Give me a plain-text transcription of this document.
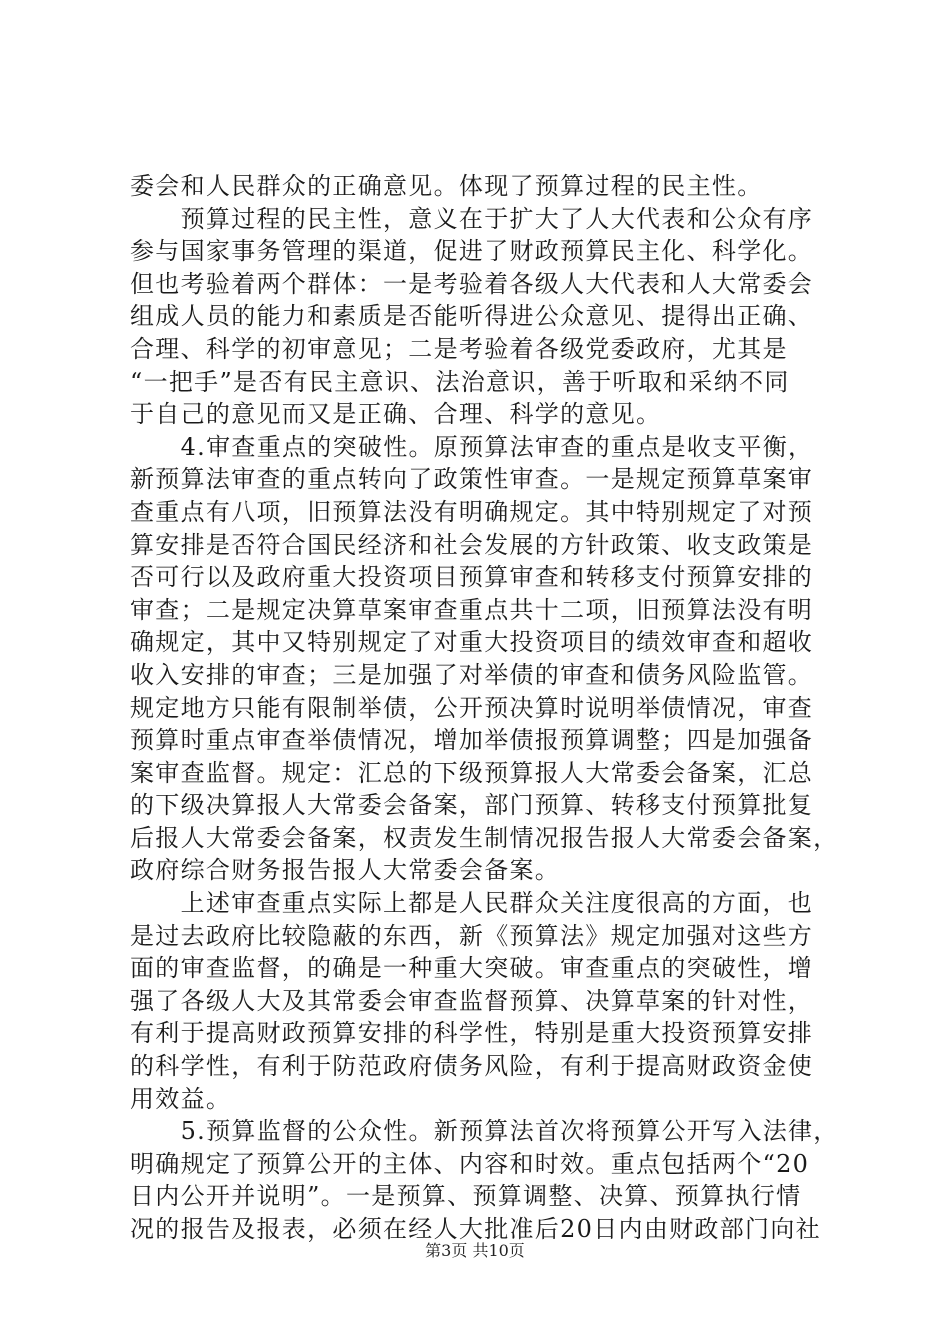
委会和人民群众的正确意见。体现了预算过程的民主性。
　　预算过程的民主性，意义在于扩大了人大代表和公众有序
参与国家事务管理的渠道，促进了财政预算民主化、科学化。
但也考验着两个群体：一是考验着各级人大代表和人大常委会
组成人员的能力和素质是否能听得进公众意见、提得出正确、
合理、科学的初审意见；二是考验着各级党委政府，尤其是
“一把手”是否有民主意识、法治意识，善于听取和采纳不同
于自己的意见而又是正确、合理、科学的意见。
　　4.审查重点的突破性。原预算法审查的重点是收支平衡，
新预算法审查的重点转向了政策性审查。一是规定预算草案审
查重点有八项，旧预算法没有明确规定。其中特别规定了对预
算安排是否符合国民经济和社会发展的方针政策、收支政策是
否可行以及政府重大投资项目预算审查和转移支付预算安排的
审查；二是规定决算草案审查重点共十二项，旧预算法没有明
确规定，其中又特别规定了对重大投资项目的绩效审查和超收
收入安排的审查；三是加强了对举债的审查和债务风险监管。
规定地方只能有限制举债，公开预决算时说明举债情况，审查
预算时重点审查举债情况，增加举债报预算调整；四是加强备
案审查监督。规定：汇总的下级预算报人大常委会备案，汇总
的下级决算报人大常委会备案，部门预算、转移支付预算批复
后报人大常委会备案，权责发生制情况报告报人大常委会备案，
政府综合财务报告报人大常委会备案。
　　上述审查重点实际上都是人民群众关注度很高的方面，也
是过去政府比较隐蔽的东西，新《预算法》规定加强对这些方
面的审查监督，的确是一种重大突破。审查重点的突破性，增
强了各级人大及其常委会审查监督预算、决算草案的针对性，
有利于提高财政预算安排的科学性，特别是重大投资预算安排
的科学性，有利于防范政府债务风险，有利于提高财政资金使
用效益。
　　5.预算监督的公众性。新预算法首次将预算公开写入法律，
明确规定了预算公开的主体、内容和时效。重点包括两个“20
日内公开并说明”。一是预算、预算调整、决算、预算执行情
况的报告及报表，必须在经人大批准后20日内由财政部门向社
第3页 共10页
